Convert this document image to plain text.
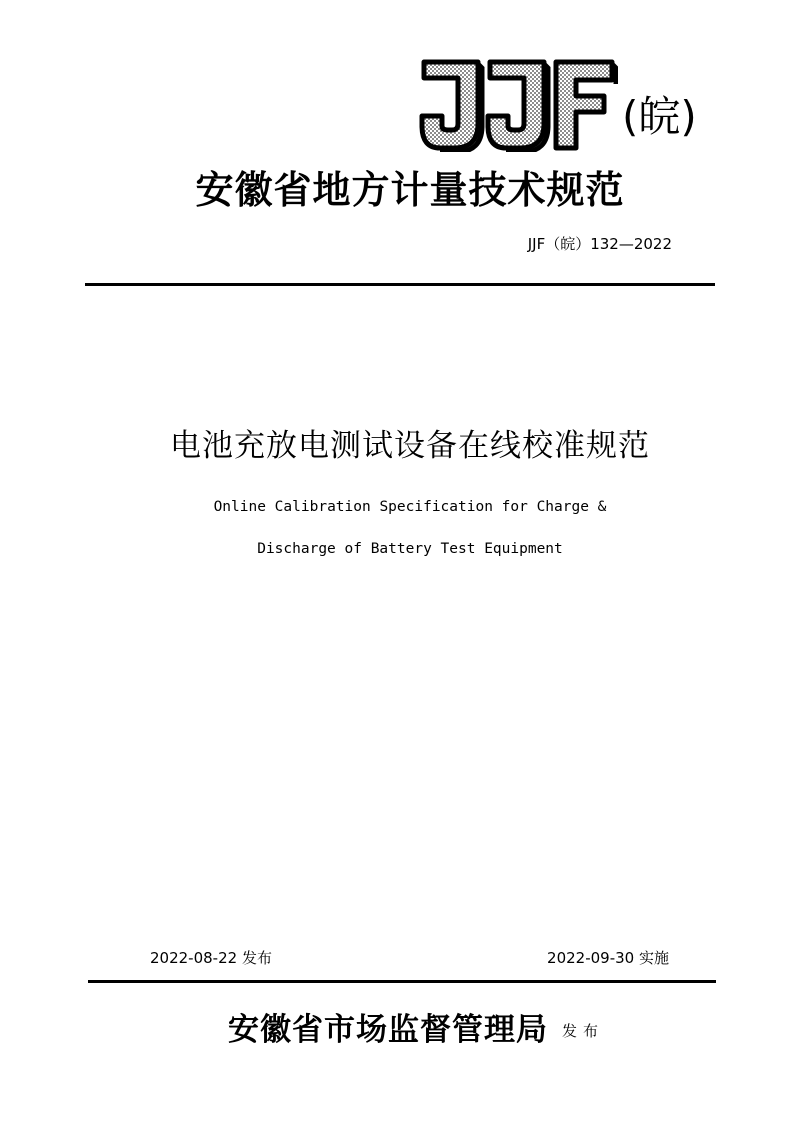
(皖)
安徽省地方计量技术规范
JJF（皖）132—2022
电池充放电测试设备在线校准规范
Online Calibration Specification for Charge &
Discharge of Battery Test Equipment
2022-08-22 发布	2022-09-30 实施
安徽省市场监督管理局 发布
